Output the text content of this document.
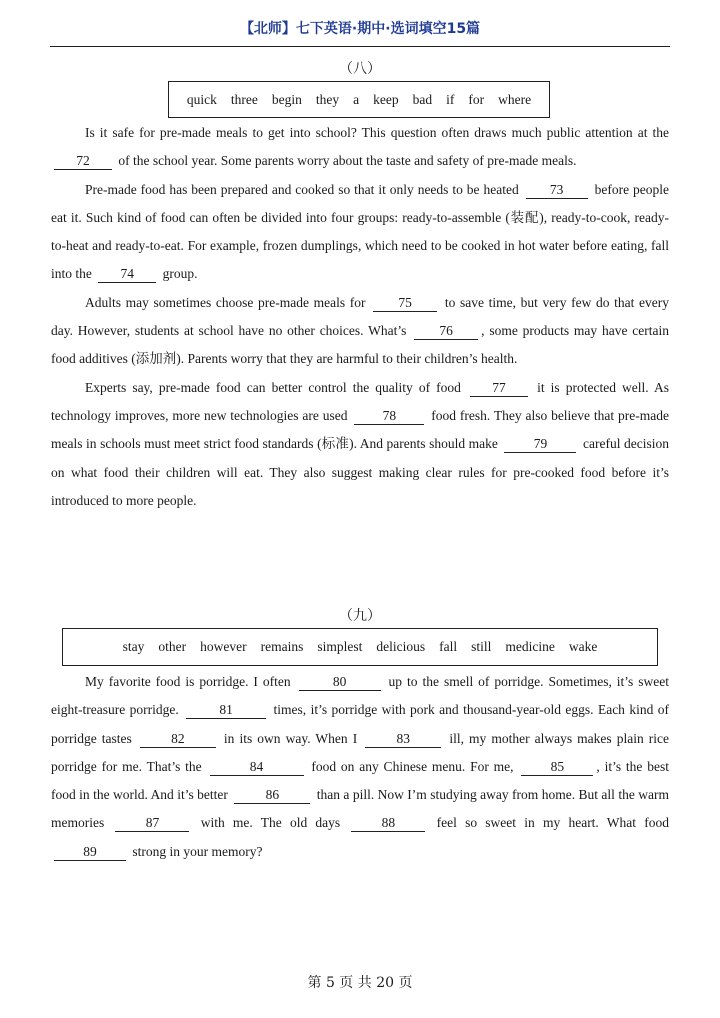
【北师】七下英语·期中·选词填空15篇
（八）
quick three begin they a keep bad if for where

Is it safe for pre-made meals to get into school? This question often draws much public attention at the 72 of the school year. Some parents worry about the taste and safety of pre-made meals.

Pre-made food has been prepared and cooked so that it only needs to be heated 73 before people eat it. Such kind of food can often be divided into four groups: ready-to-assemble (装配), ready-to-cook, ready-to-heat and ready-to-eat. For example, frozen dumplings, which need to be cooked in hot water before eating, fall into the 74 group.

Adults may sometimes choose pre-made meals for 75 to save time, but very few do that every day. However, students at school have no other choices. What’s 76 , some products may have certain food additives (添加剂). Parents worry that they are harmful to their children’s health.

Experts say, pre-made food can better control the quality of food 77 it is protected well. As technology improves, more new technologies are used 78 food fresh. They also believe that pre-made meals in schools must meet strict food standards (标准). And parents should make 79 careful decision on what food their children will eat. They also suggest making clear rules for pre-cooked food before it’s introduced to more people.

（九）
stay other however remains simplest delicious fall still medicine wake

My favorite food is porridge. I often	80	up to the smell of porridge. Sometimes, it’s sweet eight-treasure porridge.	81	times, it’s porridge with pork and thousand-year-old eggs. Each kind of porridge tastes	82	in its own way. When I	83	ill, my mother always makes plain rice porridge for me. That’s the	84	food on any Chinese menu. For me, 85 , it’s the best food in the world. And it’s better	86	than a pill. Now I’m studying away from home. But all the warm memories 87 with me. The old days 88 feel so sweet in my heart. What food 89 strong in your memory?

第 5 页 共 20 页
